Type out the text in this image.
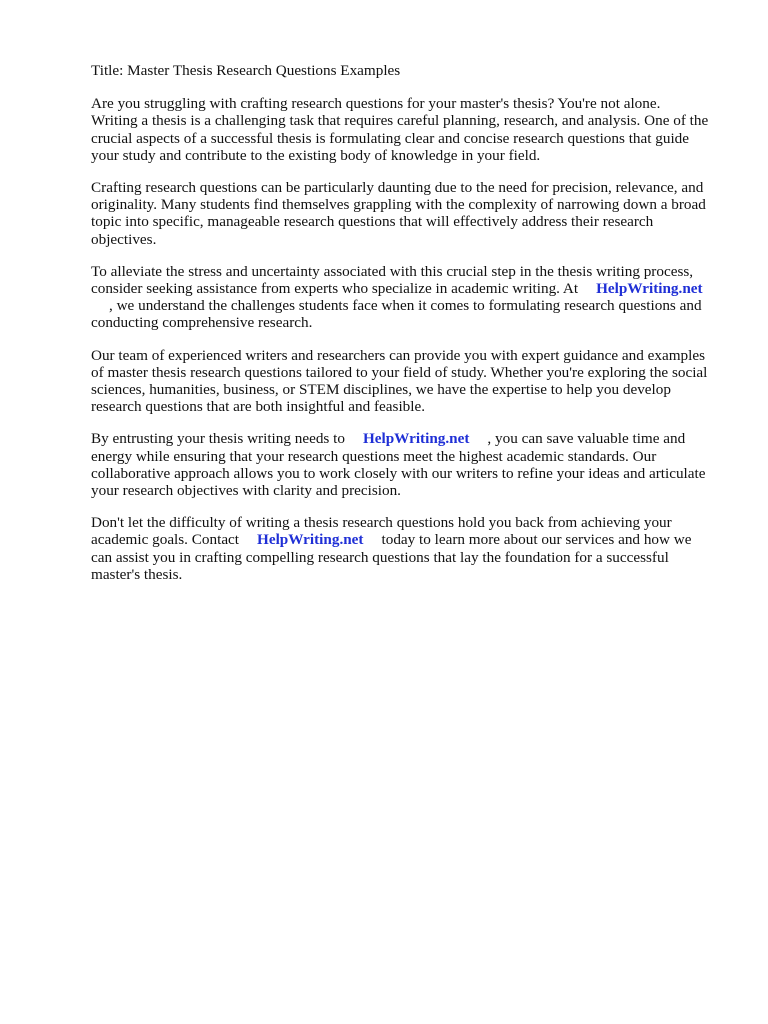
Title: Master Thesis Research Questions Examples
Are you struggling with crafting research questions for your master's thesis? You're not alone.
Writing a thesis is a challenging task that requires careful planning, research, and analysis. One of the
crucial aspects of a successful thesis is formulating clear and concise research questions that guide
your study and contribute to the existing body of knowledge in your field.
Crafting research questions can be particularly daunting due to the need for precision, relevance, and
originality. Many students find themselves grappling with the complexity of narrowing down a broad
topic into specific, manageable research questions that will effectively address their research
objectives.
To alleviate the stress and uncertainty associated with this crucial step in the thesis writing process,
consider seeking assistance from experts who specialize in academic writing. At HelpWriting.net
, we understand the challenges students face when it comes to formulating research questions and
conducting comprehensive research.
Our team of experienced writers and researchers can provide you with expert guidance and examples
of master thesis research questions tailored to your field of study. Whether you're exploring the social
sciences, humanities, business, or STEM disciplines, we have the expertise to help you develop
research questions that are both insightful and feasible.
By entrusting your thesis writing needs to HelpWriting.net , you can save valuable time and
energy while ensuring that your research questions meet the highest academic standards. Our
collaborative approach allows you to work closely with our writers to refine your ideas and articulate
your research objectives with clarity and precision.
Don't let the difficulty of writing a thesis research questions hold you back from achieving your
academic goals. Contact HelpWriting.net today to learn more about our services and how we
can assist you in crafting compelling research questions that lay the foundation for a successful
master's thesis.
